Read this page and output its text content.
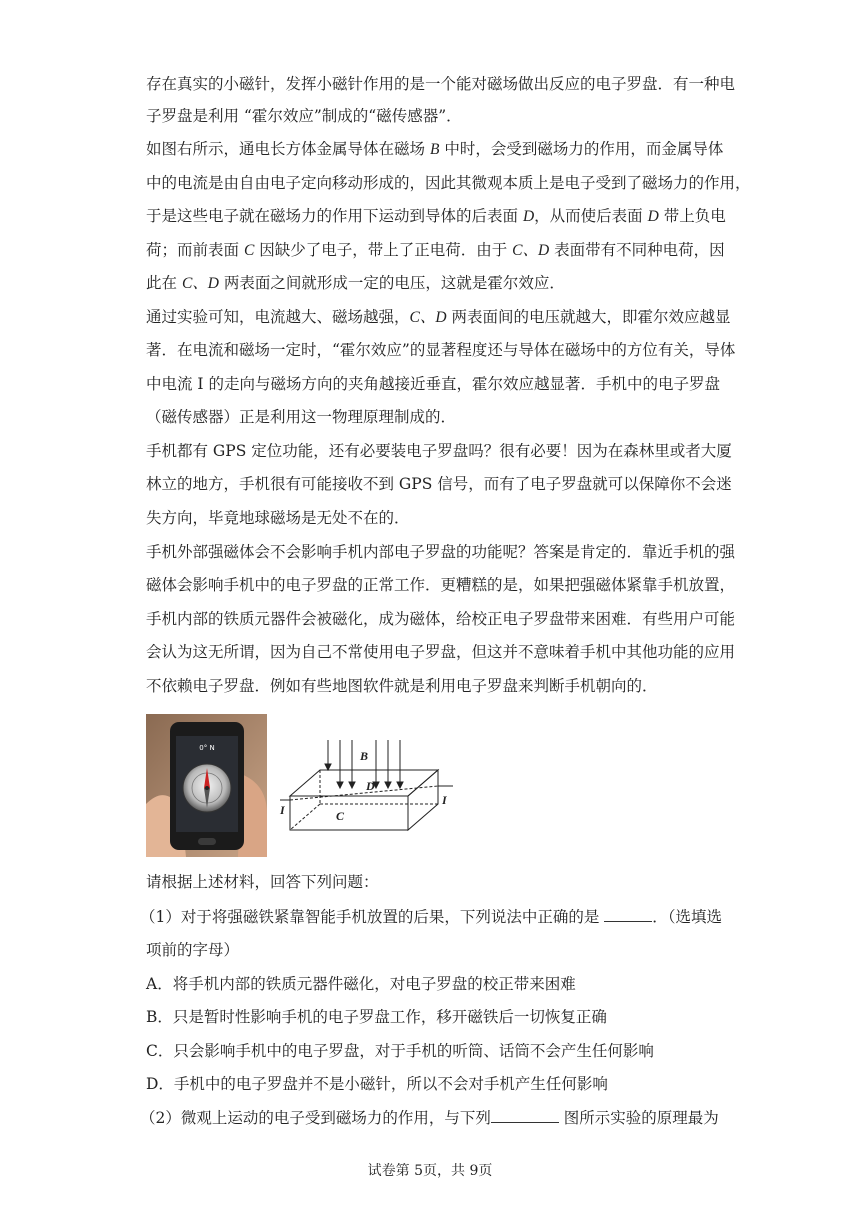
存在真实的小磁针，发挥小磁针作用的是一个能对磁场做出反应的电子罗盘．有一种电
子罗盘是利用 “霍尔效应”制成的“磁传感器”．
如图右所示，通电长方体金属导体在磁场 B 中时，会受到磁场力的作用，而金属导体
中的电流是由自由电子定向移动形成的，因此其微观本质上是电子受到了磁场力的作用，
于是这些电子就在磁场力的作用下运动到导体的后表面 D，从而使后表面 D 带上负电
荷；而前表面 C 因缺少了电子，带上了正电荷．由于 C、D 表面带有不同种电荷，因
此在 C、D 两表面之间就形成一定的电压，这就是霍尔效应．
通过实验可知，电流越大、磁场越强，C、D 两表面间的电压就越大，即霍尔效应越显
著．在电流和磁场一定时，“霍尔效应”的显著程度还与导体在磁场中的方位有关，导体
中电流 I 的走向与磁场方向的夹角越接近垂直，霍尔效应越显著．手机中的电子罗盘
（磁传感器）正是利用这一物理原理制成的．
手机都有 GPS 定位功能，还有必要装电子罗盘吗？很有必要！因为在森林里或者大厦
林立的地方，手机很有可能接收不到 GPS 信号，而有了电子罗盘就可以保障你不会迷
失方向，毕竟地球磁场是无处不在的．
手机外部强磁体会不会影响手机内部电子罗盘的功能呢？答案是肯定的．靠近手机的强
磁体会影响手机中的电子罗盘的正常工作．更糟糕的是，如果把强磁体紧靠手机放置，
手机内部的铁质元器件会被磁化，成为磁体，给校正电子罗盘带来困难．有些用户可能
会认为这无所谓，因为自己不常使用电子罗盘，但这并不意味着手机中其他功能的应用
不依赖电子罗盘．例如有些地图软件就是利用电子罗盘来判断手机朝向的．
0° N
B
D
C
I
I
请根据上述材料，回答下列问题：
（1）对于将强磁铁紧靠智能手机放置的后果，下列说法中正确的是	．（选填选
项前的字母）
A．将手机内部的铁质元器件磁化，对电子罗盘的校正带来困难
B．只是暂时性影响手机的电子罗盘工作，移开磁铁后一切恢复正确
C．只会影响手机中的电子罗盘，对于手机的听筒、话筒不会产生任何影响
D．手机中的电子罗盘并不是小磁针，所以不会对手机产生任何影响
（2）微观上运动的电子受到磁场力的作用，与下列	图所示实验的原理最为
试卷第 5页，共 9页
